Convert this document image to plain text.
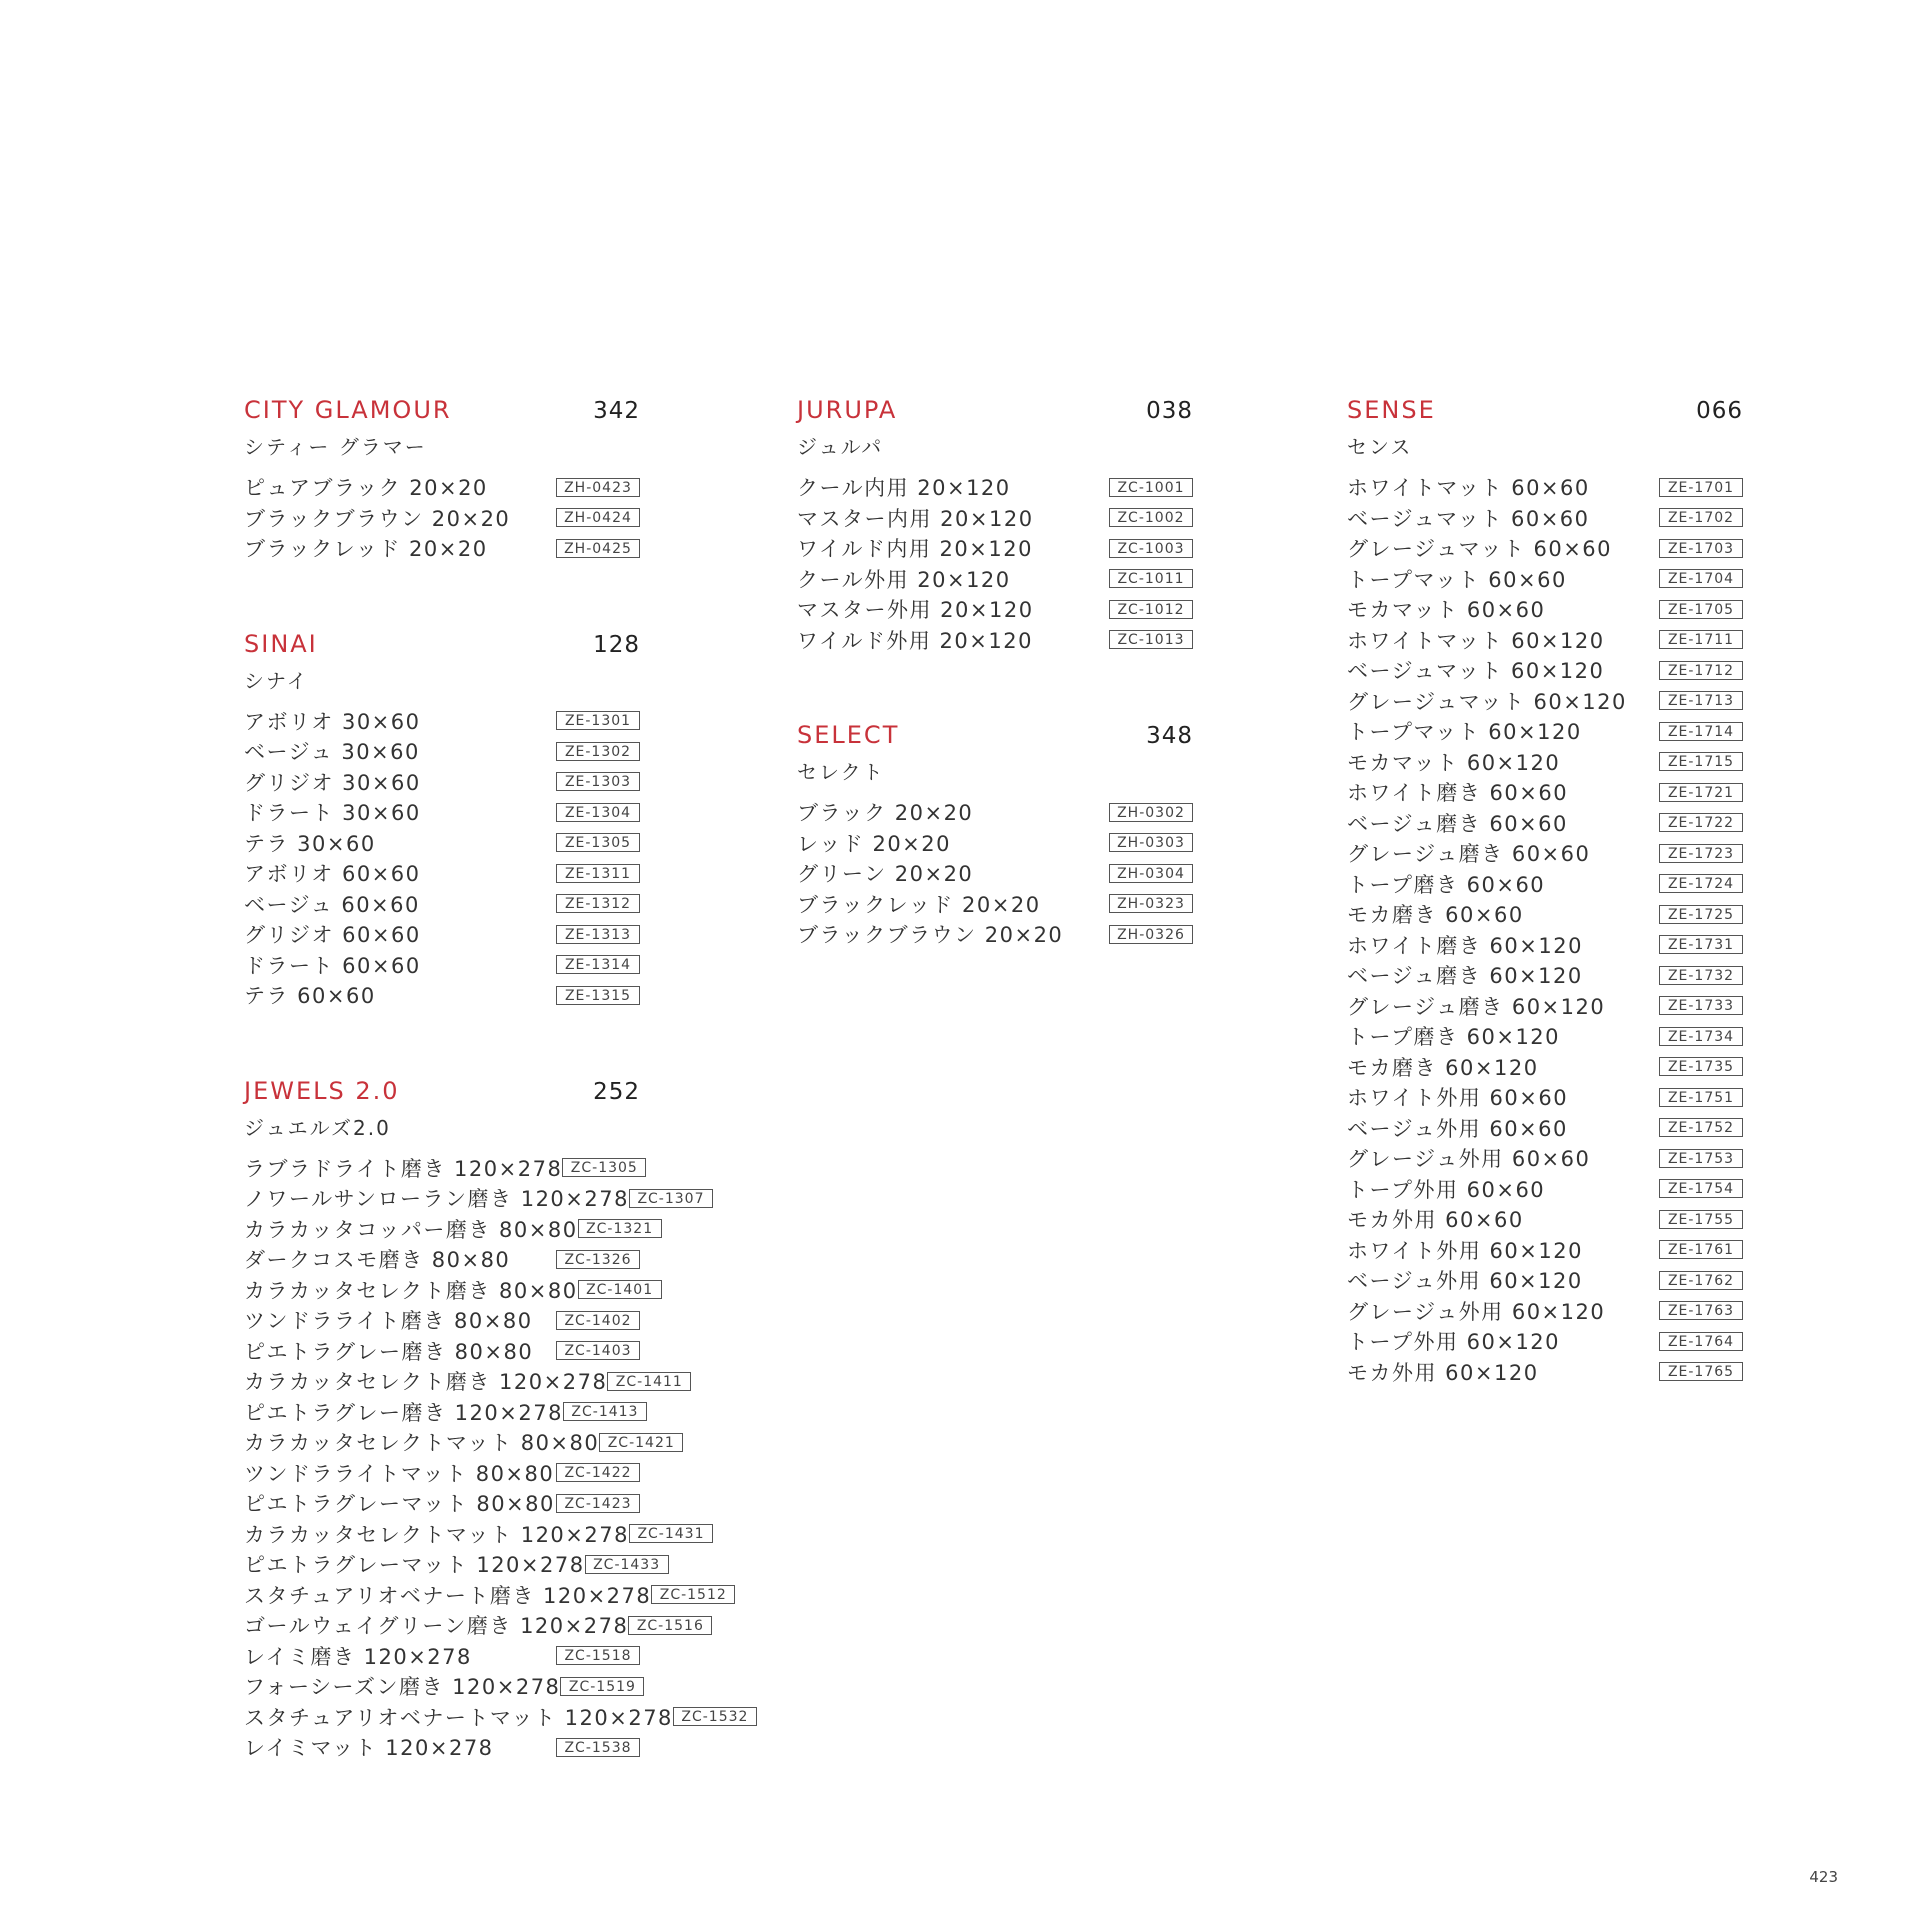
CITY GLAMOUR	342
シティー グラマー
ピュアブラック 20×20	ZH-0423
ブラックブラウン 20×20	ZH-0424
ブラックレッド 20×20	ZH-0425
SINAI	128
シナイ
アボリオ 30×60	ZE-1301
ベージュ 30×60	ZE-1302
グリジオ 30×60	ZE-1303
ドラート 30×60	ZE-1304
テラ 30×60	ZE-1305
アボリオ 60×60	ZE-1311
ベージュ 60×60	ZE-1312
グリジオ 60×60	ZE-1313
ドラート 60×60	ZE-1314
テラ 60×60	ZE-1315
JEWELS 2.0	252
ジュエルズ2.0
ラブラドライト磨き 120×278 ZC-1305
ノワールサンローラン磨き 120×278 ZC-1307
カラカッタコッパー磨き 80×80 ZC-1321
ダークコスモ磨き 80×80	ZC-1326
カラカッタセレクト磨き 80×80 ZC-1401
ツンドラライト磨き 80×80	ZC-1402
ピエトラグレー磨き 80×80	ZC-1403
カラカッタセレクト磨き 120×278 ZC-1411
ピエトラグレー磨き 120×278 ZC-1413
カラカッタセレクトマット 80×80 ZC-1421
ツンドラライトマット 80×80 ZC-1422
ピエトラグレーマット 80×80 ZC-1423
カラカッタセレクトマット 120×278 ZC-1431
ピエトラグレーマット 120×278 ZC-1433
スタチュアリオベナート磨き 120×278 ZC-1512
ゴールウェイグリーン磨き 120×278 ZC-1516
レイミ磨き 120×278	ZC-1518
フォーシーズン磨き 120×278 ZC-1519
スタチュアリオベナートマット 120×278 ZC-1532
レイミマット 120×278	ZC-1538
JURUPA	038
ジュルパ
クール内用 20×120	ZC-1001
マスター内用 20×120	ZC-1002
ワイルド内用 20×120	ZC-1003
クール外用 20×120	ZC-1011
マスター外用 20×120	ZC-1012
ワイルド外用 20×120	ZC-1013
SELECT	348
セレクト
ブラック 20×20	ZH-0302
レッド 20×20	ZH-0303
グリーン 20×20	ZH-0304
ブラックレッド 20×20	ZH-0323
ブラックブラウン 20×20	ZH-0326
SENSE	066
センス
ホワイトマット 60×60	ZE-1701
ベージュマット 60×60	ZE-1702
グレージュマット 60×60	ZE-1703
トープマット 60×60	ZE-1704
モカマット 60×60	ZE-1705
ホワイトマット 60×120	ZE-1711
ベージュマット 60×120	ZE-1712
グレージュマット 60×120	ZE-1713
トープマット 60×120	ZE-1714
モカマット 60×120	ZE-1715
ホワイト磨き 60×60	ZE-1721
ベージュ磨き 60×60	ZE-1722
グレージュ磨き 60×60	ZE-1723
トープ磨き 60×60	ZE-1724
モカ磨き 60×60	ZE-1725
ホワイト磨き 60×120	ZE-1731
ベージュ磨き 60×120	ZE-1732
グレージュ磨き 60×120	ZE-1733
トープ磨き 60×120	ZE-1734
モカ磨き 60×120	ZE-1735
ホワイト外用 60×60	ZE-1751
ベージュ外用 60×60	ZE-1752
グレージュ外用 60×60	ZE-1753
トープ外用 60×60	ZE-1754
モカ外用 60×60	ZE-1755
ホワイト外用 60×120	ZE-1761
ベージュ外用 60×120	ZE-1762
グレージュ外用 60×120	ZE-1763
トープ外用 60×120	ZE-1764
モカ外用 60×120	ZE-1765
423
